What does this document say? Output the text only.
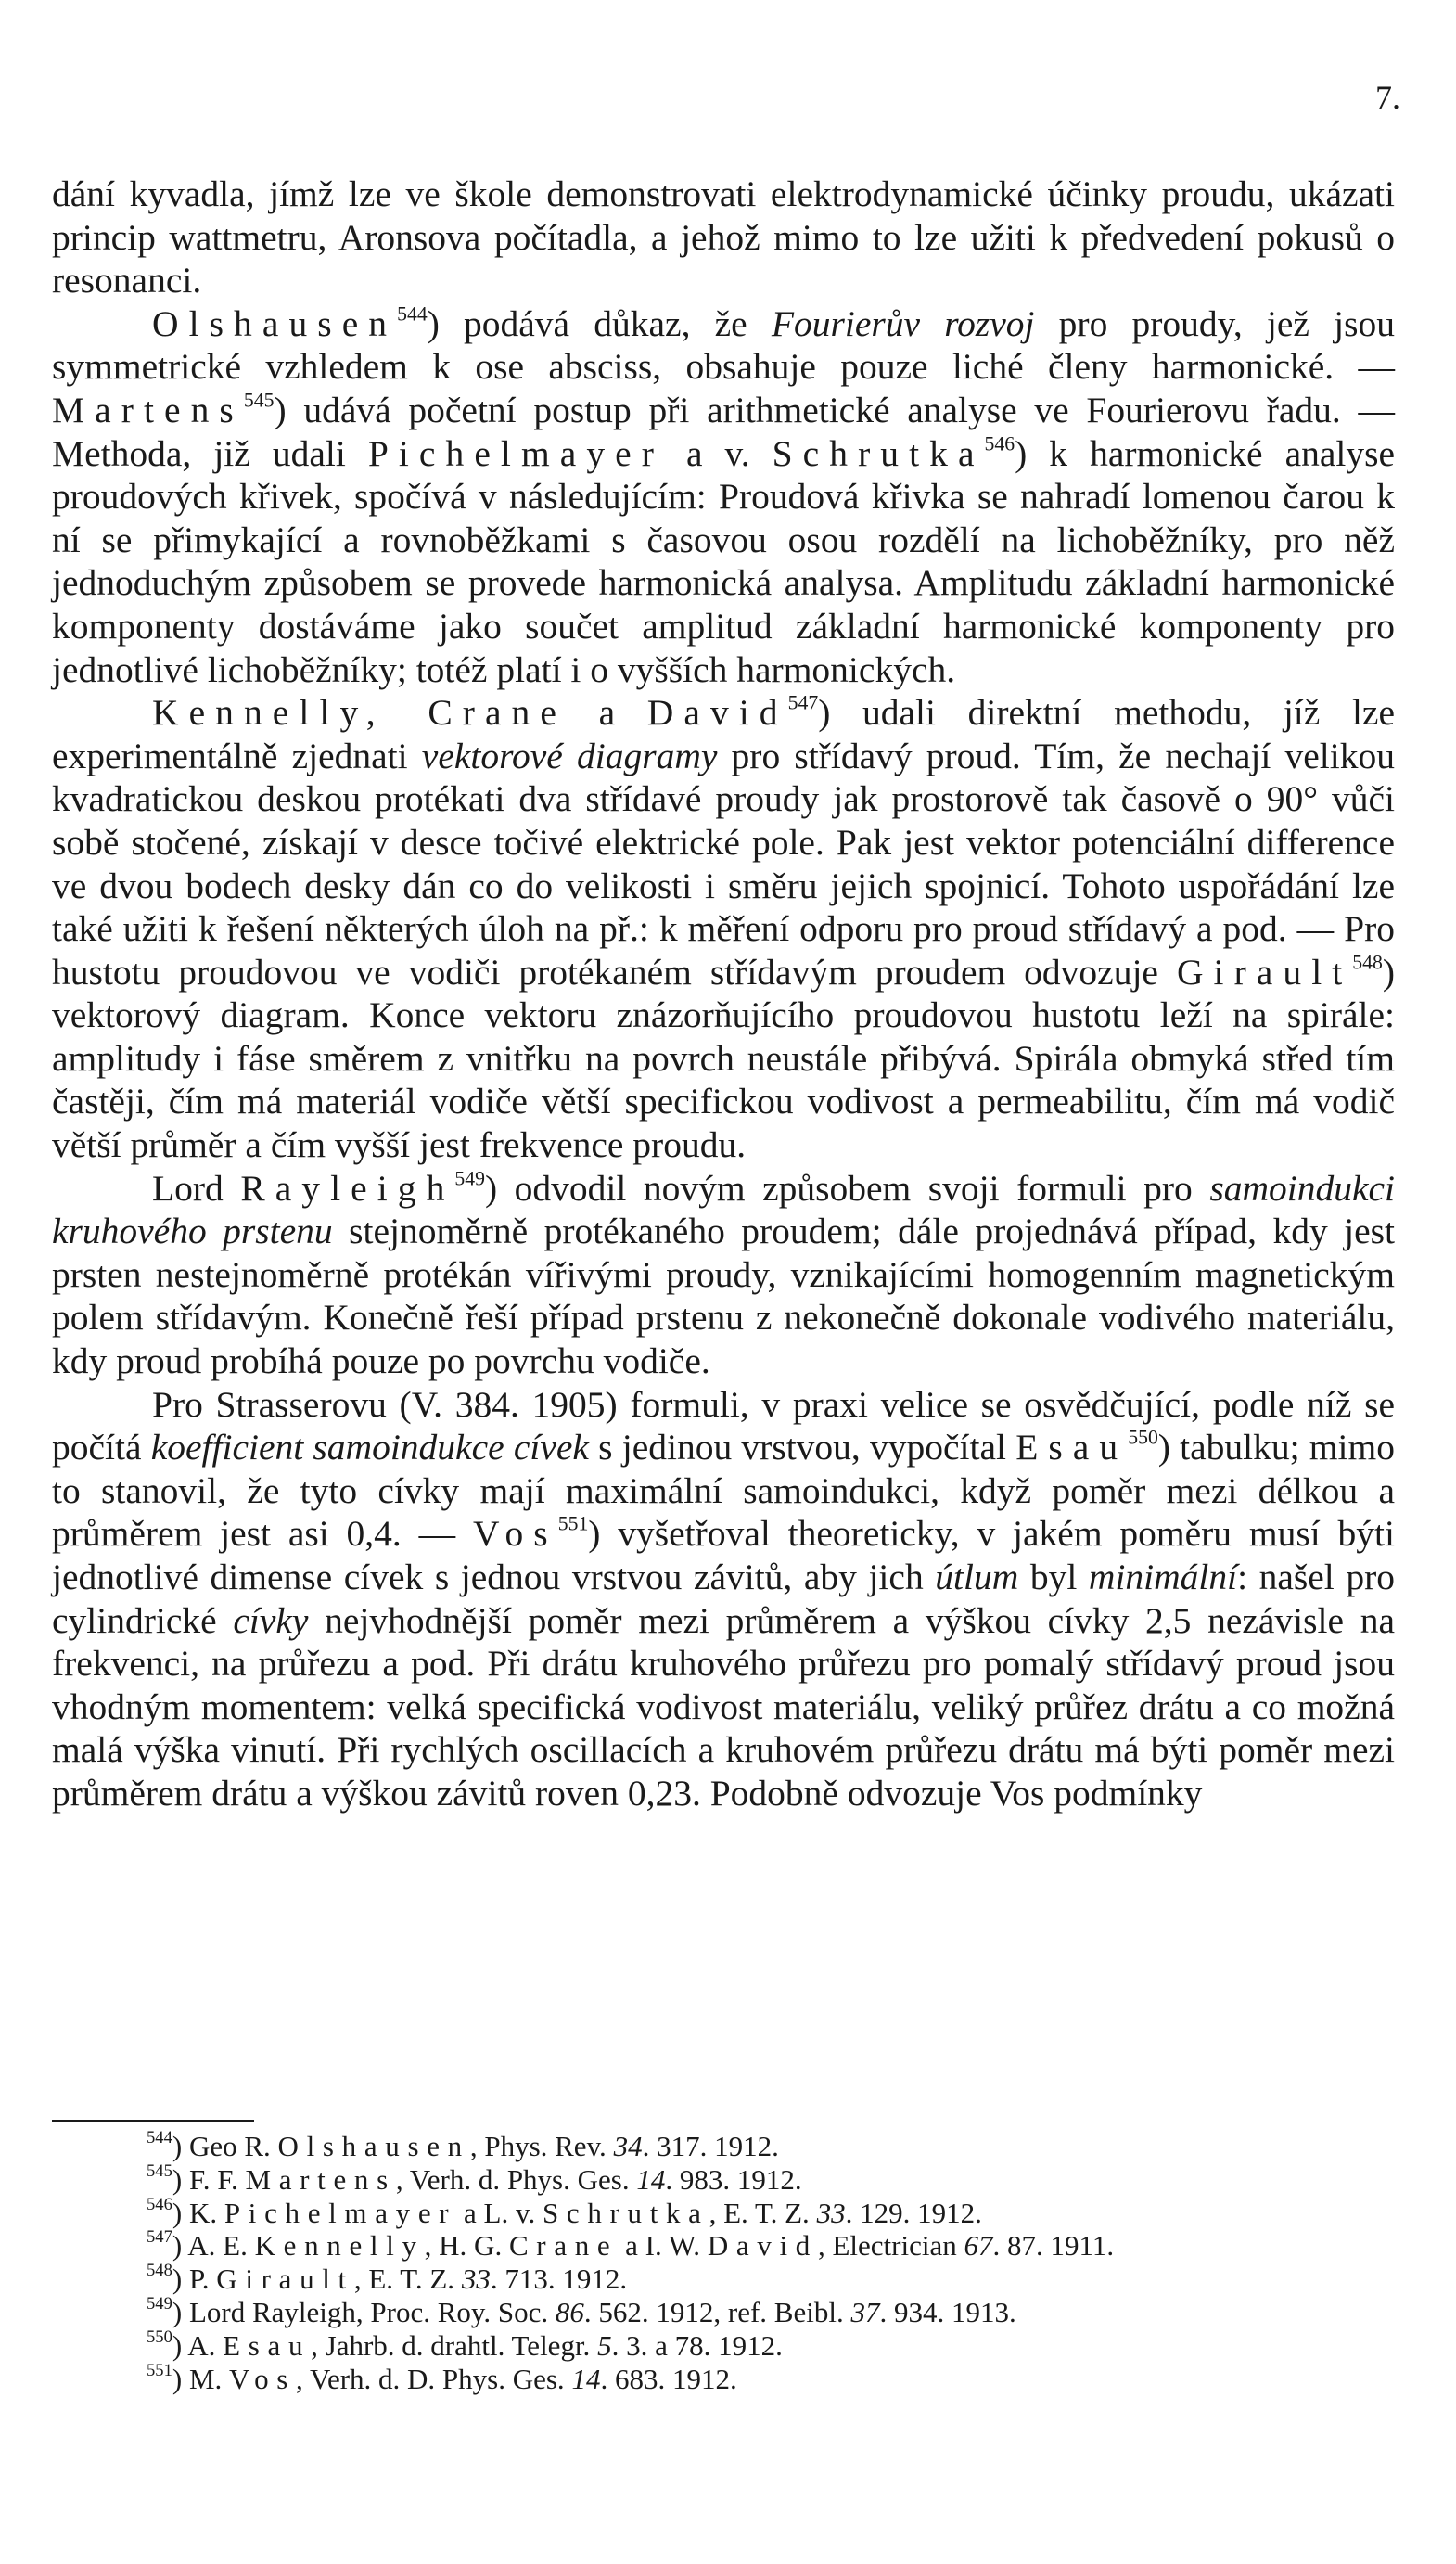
7.

dání kyvadla, jímž lze ve škole demonstrovati elektrodynamické účinky proudu, ukázati princip wattmetru, Aronsova počítadla, a jehož mimo to lze užiti k předvedení pokusů o resonanci.

Olshausen$^{544}$) podává důkaz, že Fourierův rozvoj pro proudy, jež jsou symmetrické vzhledem k ose absciss, obsahuje pouze liché členy harmonické. — Martens$^{545}$) udává početní postup při arithmetické analyse ve Fourierovu řadu. — Methoda, již udali Pichelmayer a v. Schrutka$^{546}$) k harmonické analyse proudových křivek, spočívá v následujícím: Proudová křivka se nahradí lomenou čarou k ní se přimykající a rovnoběžkami s časovou osou rozdělí na lichoběžníky, pro něž jednoduchým způsobem se provede harmonická analysa. Amplitudu základní harmonické komponenty dostáváme jako součet amplitud základní harmonické komponenty pro jednotlivé lichoběžníky; totéž platí i o vyšších harmonických.

Kennelly, Crane a David$^{547}$) udali direktní methodu, jíž lze experimentálně zjednati vektorové diagramy pro střídavý proud. Tím, že nechají velikou kvadratickou deskou protékati dva střídavé proudy jak prostorově tak časově o 90° vůči sobě stočené, získají v desce točivé elektrické pole. Pak jest vektor potenciální difference ve dvou bodech desky dán co do velikosti i směru jejich spojnicí. Tohoto uspořádání lze také užiti k řešení některých úloh na př.: k měření odporu pro proud střídavý a pod. — Pro hustotu proudovou ve vodiči protékaném střídavým proudem odvozuje Girault$^{548}$) vektorový diagram. Konce vektoru znázorňujícího proudovou hustotu leží na spirále: amplitudy i fáse směrem z vnitřku na povrch neustále přibývá. Spirála obmyká střed tím častěji, čím má materiál vodiče větší specifickou vodivost a permeabilitu, čím má vodič větší průměr a čím vyšší jest frekvence proudu.

Lord Rayleigh$^{549}$) odvodil novým způsobem svoji formuli pro samoindukci kruhového prstenu stejnoměrně protékaného proudem; dále projednává případ, kdy jest prsten nestejnoměrně protékán vířivými proudy, vznikajícími homogenním magnetickým polem střídavým. Konečně řeší případ prstenu z nekonečně dokonale vodivého materiálu, kdy proud probíhá pouze po povrchu vodiče.

Pro Strasserovu (V. 384. 1905) formuli, v praxi velice se osvědčující, podle níž se počítá koefficient samoindukce cívek s jedinou vrstvou, vypočítal Esau$^{550}$) tabulku; mimo to stanovil, že tyto cívky mají maximální samoindukci, když poměr mezi délkou a průměrem jest asi 0,4. — Vos$^{551}$) vyšetřoval theoreticky, v jakém poměru musí býti jednotlivé dimense cívek s jednou vrstvou závitů, aby jich útlum byl minimální: našel pro cylindrické cívky nejvhodnější poměr mezi průměrem a výškou cívky 2,5 nezávisle na frekvenci, na průřezu a pod. Při drátu kruhového průřezu pro pomalý střídavý proud jsou vhodným momentem: velká specifická vodivost materiálu, veliký průřez drátu a co možná malá výška vinutí. Při rychlých oscillacích a kruhovém průřezu drátu má býti poměr mezi průměrem drátu a výškou závitů roven 0,23. Podobně odvozuje Vos podmínky

$^{544}$) Geo R. Olshausen, Phys. Rev. 34. 317. 1912.
$^{545}$) F. F. Martens, Verh. d. Phys. Ges. 14. 983. 1912.
$^{546}$) K. Pichelmayer a L. v. Schrutka, E. T. Z. 33. 129. 1912.
$^{547}$) A. E. Kennelly, H. G. Crane a I. W. David, Electrician 67. 87. 1911.
$^{548}$) P. Girault, E. T. Z. 33. 713. 1912.
$^{549}$) Lord Rayleigh, Proc. Roy. Soc. 86. 562. 1912, ref. Beibl. 37. 934. 1913.
$^{550}$) A. Esau, Jahrb. d. drahtl. Telegr. 5. 3. a 78. 1912.
$^{551}$) M. Vos, Verh. d. D. Phys. Ges. 14. 683. 1912.
